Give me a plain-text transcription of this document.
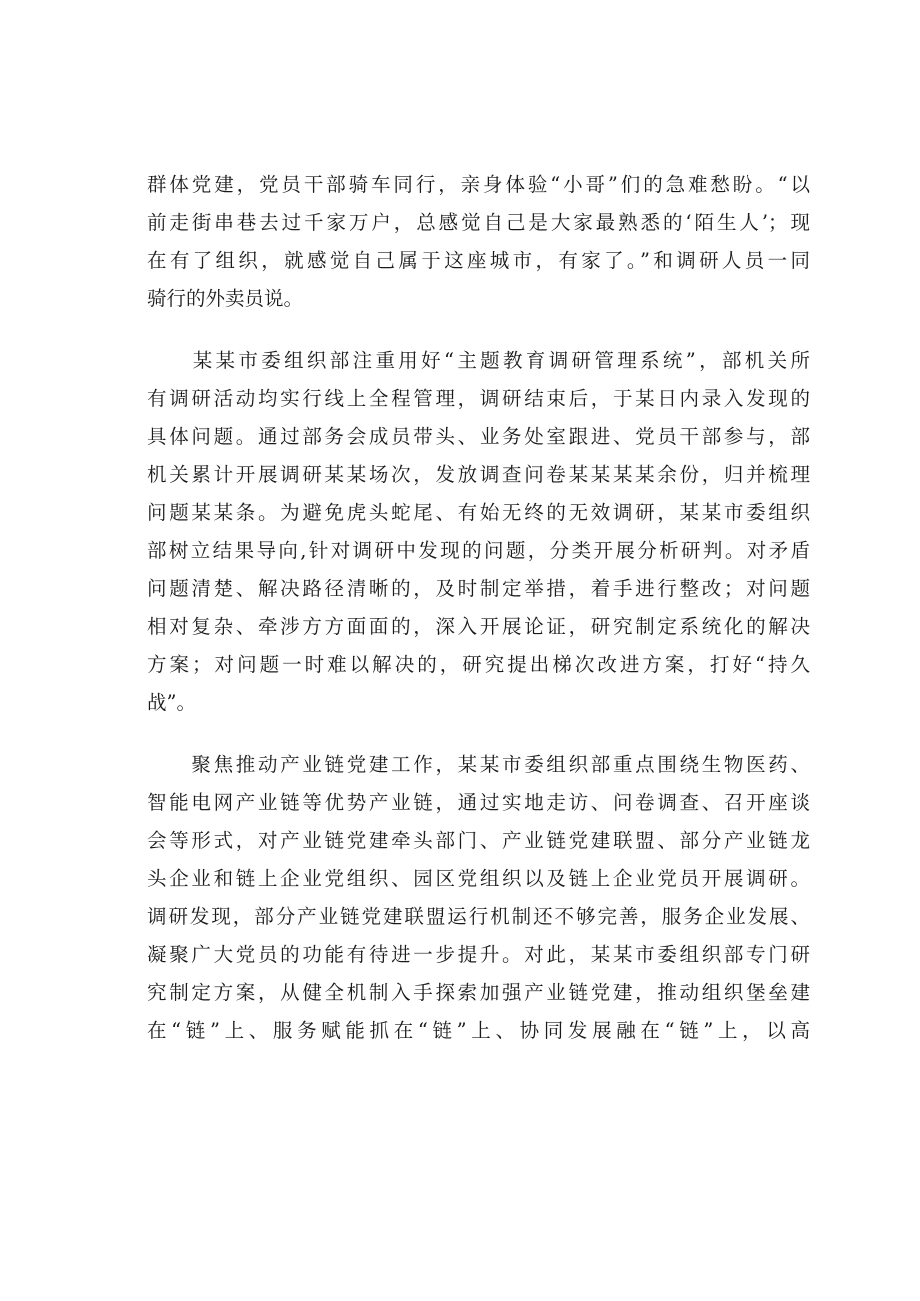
群体党建，党员干部骑车同行，亲身体验“小哥”们的急难愁盼。“以
前走街串巷去过千家万户，总感觉自己是大家最熟悉的‘陌生人’；现
在有了组织，就感觉自己属于这座城市，有家了。”和调研人员一同
骑行的外卖员说。
　　某某市委组织部注重用好“主题教育调研管理系统”，部机关所
有调研活动均实行线上全程管理，调研结束后，于某日内录入发现的
具体问题。通过部务会成员带头、业务处室跟进、党员干部参与，部
机关累计开展调研某某场次，发放调查问卷某某某某余份，归并梳理
问题某某条。为避免虎头蛇尾、有始无终的无效调研，某某市委组织
部树立结果导向,针对调研中发现的问题，分类开展分析研判。对矛盾
问题清楚、解决路径清晰的，及时制定举措，着手进行整改；对问题
相对复杂、牵涉方方面面的，深入开展论证，研究制定系统化的解决
方案；对问题一时难以解决的，研究提出梯次改进方案，打好“持久
战”。
　　聚焦推动产业链党建工作，某某市委组织部重点围绕生物医药、
智能电网产业链等优势产业链，通过实地走访、问卷调查、召开座谈
会等形式，对产业链党建牵头部门、产业链党建联盟、部分产业链龙
头企业和链上企业党组织、园区党组织以及链上企业党员开展调研。
调研发现，部分产业链党建联盟运行机制还不够完善，服务企业发展、
凝聚广大党员的功能有待进一步提升。对此，某某市委组织部专门研
究制定方案，从健全机制入手探索加强产业链党建，推动组织堡垒建
在“链”上、服务赋能抓在“链”上、协同发展融在“链”上，以高
